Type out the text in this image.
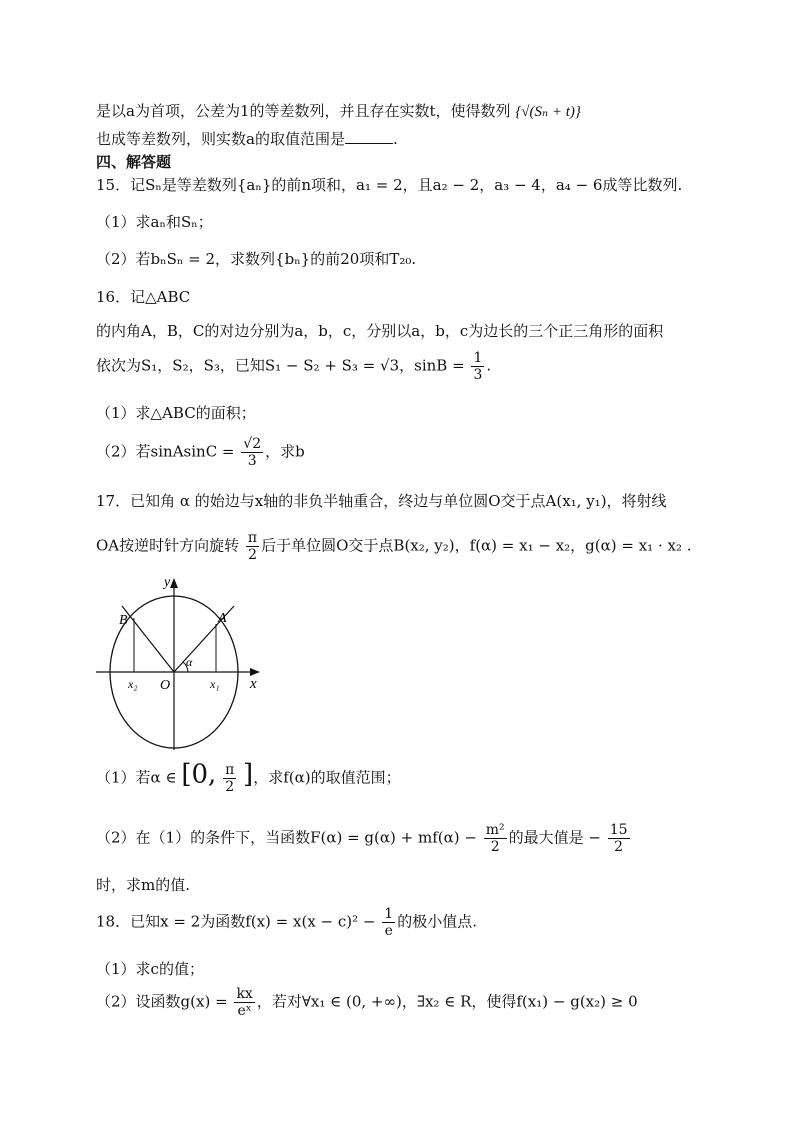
是以a为首项，公差为1的等差数列，并且存在实数t，使得数列 {√(Sₙ + t)}
也成等差数列，则实数a的取值范围是	.
四、解答题
15．记Sₙ是等差数列{aₙ}的前n项和，a₁ = 2，且a₂ − 2，a₃ − 4，a₄ − 6成等比数列.
（1）求aₙ和Sₙ；
（2）若bₙSₙ = 2，求数列{bₙ}的前20项和T₂₀.
16．记△ABC
的内角A，B，C的对边分别为a，b，c，分别以a，b，c为边长的三个正三角形的面积
依次为S₁，S₂，S₃，已知S₁ − S₂ + S₃ = √3，$\sin B = \frac{1}{3}$ .
（1）求△ABC的面积；
（2）若sinAsinC = $\frac{√2}{3}$ ，求b
17．已知角 α 的始边与x轴的非负半轴重合，终边与单位圆O交于点A(x₁, y₁)，将射线
OA按逆时针方向旋转 $\frac{\pi}{2}$ 后于单位圆O交于点B(x₂, y₂)，f(α) = x₁ − x₂，g(α) = x₁ · x₂ .
y
x
O
A
B
α
x₁
x₂
（1）若α ∈ [0, $\frac{\pi}{2}$ ]，求f(α)的取值范围；
（2）在（1）的条件下，当函数$F(\alpha) = g(\alpha) + mf(\alpha) - \frac{\text{m²}}{2}$ 的最大值是 − $\frac{15}{2}$
时，求m的值.
18．已知x = 2为函数$f(x) = x(x - c)^2 - \frac{1}{e}$ 的极小值点.
（1）求c的值；
（2）设函数$g(x) = \frac{kx}{\text{eˣ}}$ ，若对∀x₁ ∈ (0, +∞)，∃x₂ ∈ R，使得f(x₁) − g(x₂) ≥ 0
